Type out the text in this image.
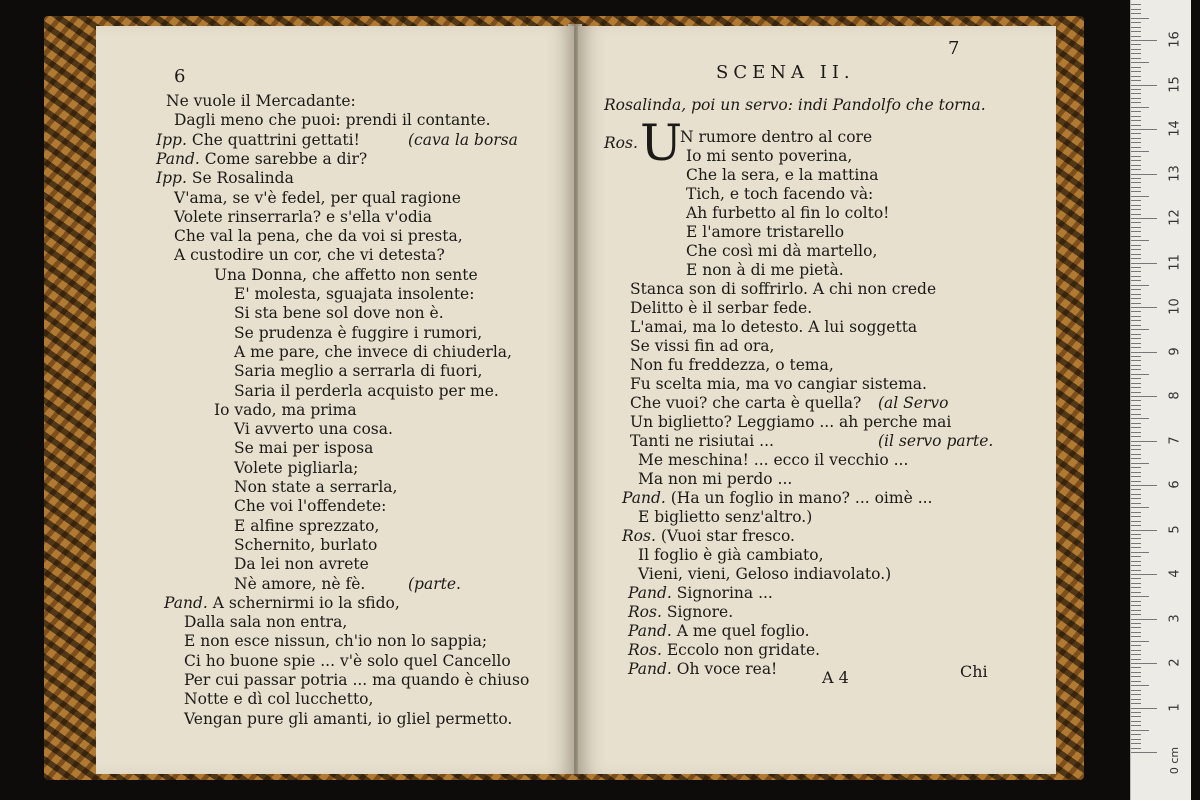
6
Ne vuole il Mercadante:
Dagli meno che puoi: prendi il contante.
Ipp. Che quattrini gettati!	(cava la borsa
Pand. Come sarebbe a dir?
Ipp. Se Rosalinda
V'ama, se v'è fedel, per qual ragione
Volete rinserrarla? e s'ella v'odia
Che val la pena, che da voi si presta,
A custodire un cor, che vi detesta?
Una Donna, che affetto non sente
E' molesta, sguajata insolente:
Si sta bene sol dove non è.
Se prudenza è fuggire i rumori,
A me pare, che invece di chiuderla,
Saria meglio a serrarla di fuori,
Saria il perderla acquisto per me.
Io vado, ma prima
Vi avverto una cosa.
Se mai per isposa
Volete pigliarla;
Non state a serrarla,
Che voi l'offendete:
E alfine sprezzato,
Schernito, burlato
Da lei non avrete
Nè amore, nè fè.	(parte.
Pand. A schernirmi io la sfido,
Dalla sala non entra,
E non esce nissun, ch'io non lo sappia;
Ci ho buone spie ... v'è solo quel Cancello
Per cui passar potria ... ma quando è chiuso
Notte e dì col lucchetto,
Vengan pure gli amanti, io gliel permetto.
7
SCENA II.
Rosalinda, poi un servo: indi Pandolfo che torna.
U
A 4	Chi
Ros.	N rumore dentro al core
Io mi sento poverina,
Che la sera, e la mattina
Tich, e toch facendo và:
Ah furbetto al fin lo colto!
E l'amore tristarello
Che così mi dà martello,
E non à di me pietà.
Stanca son di soffrirlo. A chi non crede
Delitto è il serbar fede.
L'amai, ma lo detesto. A lui soggetta
Se vissi fin ad ora,
Non fu freddezza, o tema,
Fu scelta mia, ma vo cangiar sistema.
Che vuoi? che carta è quella? (al Servo
Un biglietto? Leggiamo ... ah perche mai
Tanti ne risiutai ...	(il servo parte.
Me meschina! ... ecco il vecchio ...
Ma non mi perdo ...
Pand. (Ha un foglio in mano? ... oimè ...
E biglietto senz'altro.)
Ros. (Vuoi star fresco.
Il foglio è già cambiato,
Vieni, vieni, Geloso indiavolato.)
Pand. Signorina ...
Ros. Signore.
Pand. A me quel foglio.
Ros. Eccolo non gridate.
Pand. Oh voce rea!
0 cm
16
15
14
13
12
11
10
9
8
7
6
5
4
3
2
1
